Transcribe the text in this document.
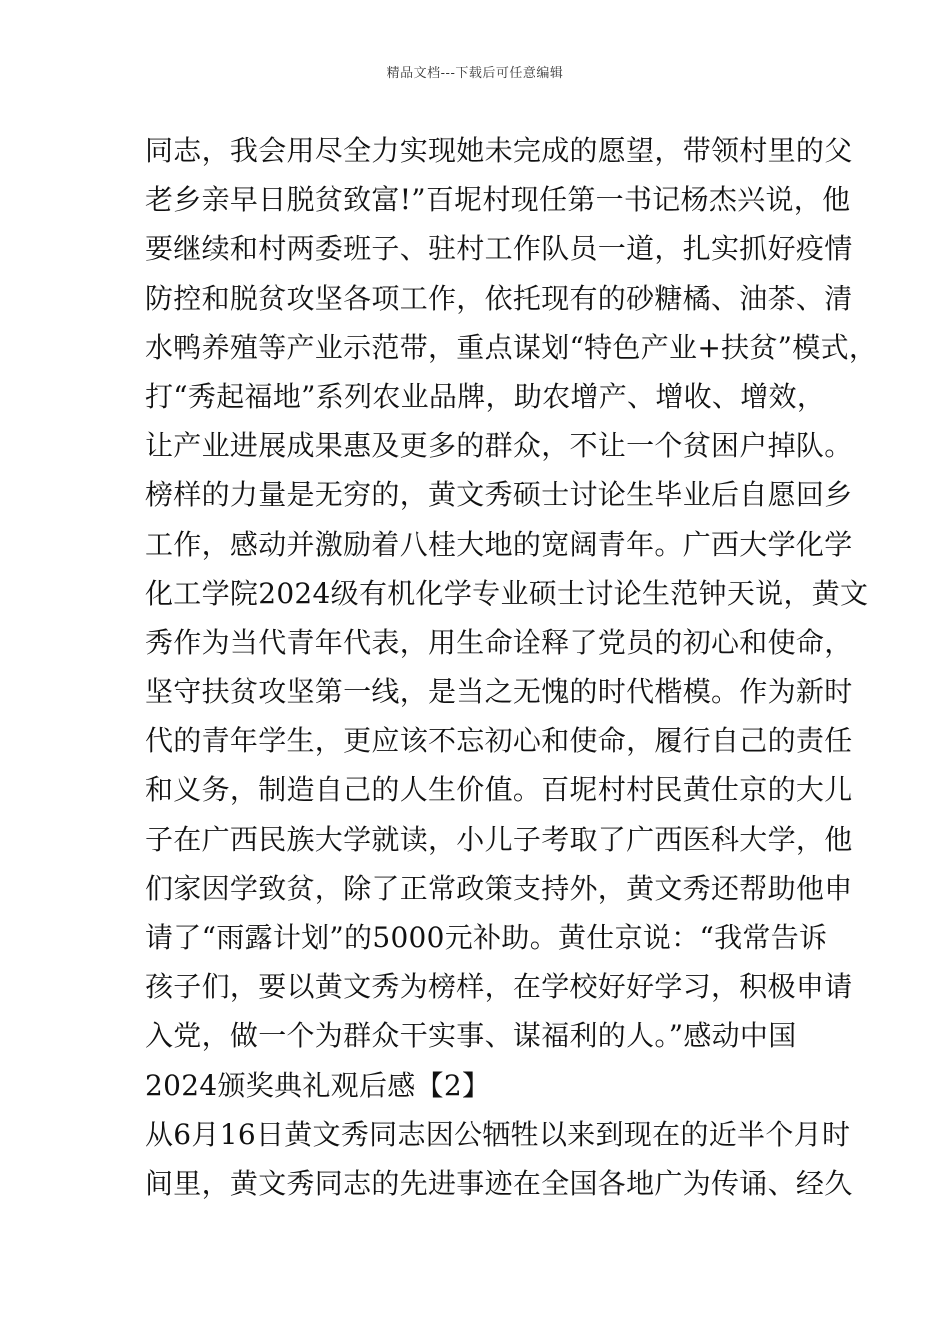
精品文档---下载后可任意编辑
同志，我会用尽全力实现她未完成的愿望，带领村里的父
老乡亲早日脱贫致富!”百坭村现任第一书记杨杰兴说，他
要继续和村两委班子、驻村工作队员一道，扎实抓好疫情
防控和脱贫攻坚各项工作，依托现有的砂糖橘、油茶、清
水鸭养殖等产业示范带，重点谋划“特色产业+扶贫”模式，
打“秀起福地”系列农业品牌，助农增产、增收、增效，
让产业进展成果惠及更多的群众，不让一个贫困户掉队。
榜样的力量是无穷的，黄文秀硕士讨论生毕业后自愿回乡
工作，感动并激励着八桂大地的宽阔青年。广西大学化学
化工学院2024级有机化学专业硕士讨论生范钟天说，黄文
秀作为当代青年代表，用生命诠释了党员的初心和使命，
坚守扶贫攻坚第一线，是当之无愧的时代楷模。作为新时
代的青年学生，更应该不忘初心和使命，履行自己的责任
和义务，制造自己的人生价值。百坭村村民黄仕京的大儿
子在广西民族大学就读，小儿子考取了广西医科大学，他
们家因学致贫，除了正常政策支持外，黄文秀还帮助他申
请了“雨露计划”的5000元补助。黄仕京说：“我常告诉
孩子们，要以黄文秀为榜样，在学校好好学习，积极申请
入党，做一个为群众干实事、谋福利的人。”感动中国
2024颁奖典礼观后感【2】
从6月16日黄文秀同志因公牺牲以来到现在的近半个月时
间里，黄文秀同志的先进事迹在全国各地广为传诵、经久
